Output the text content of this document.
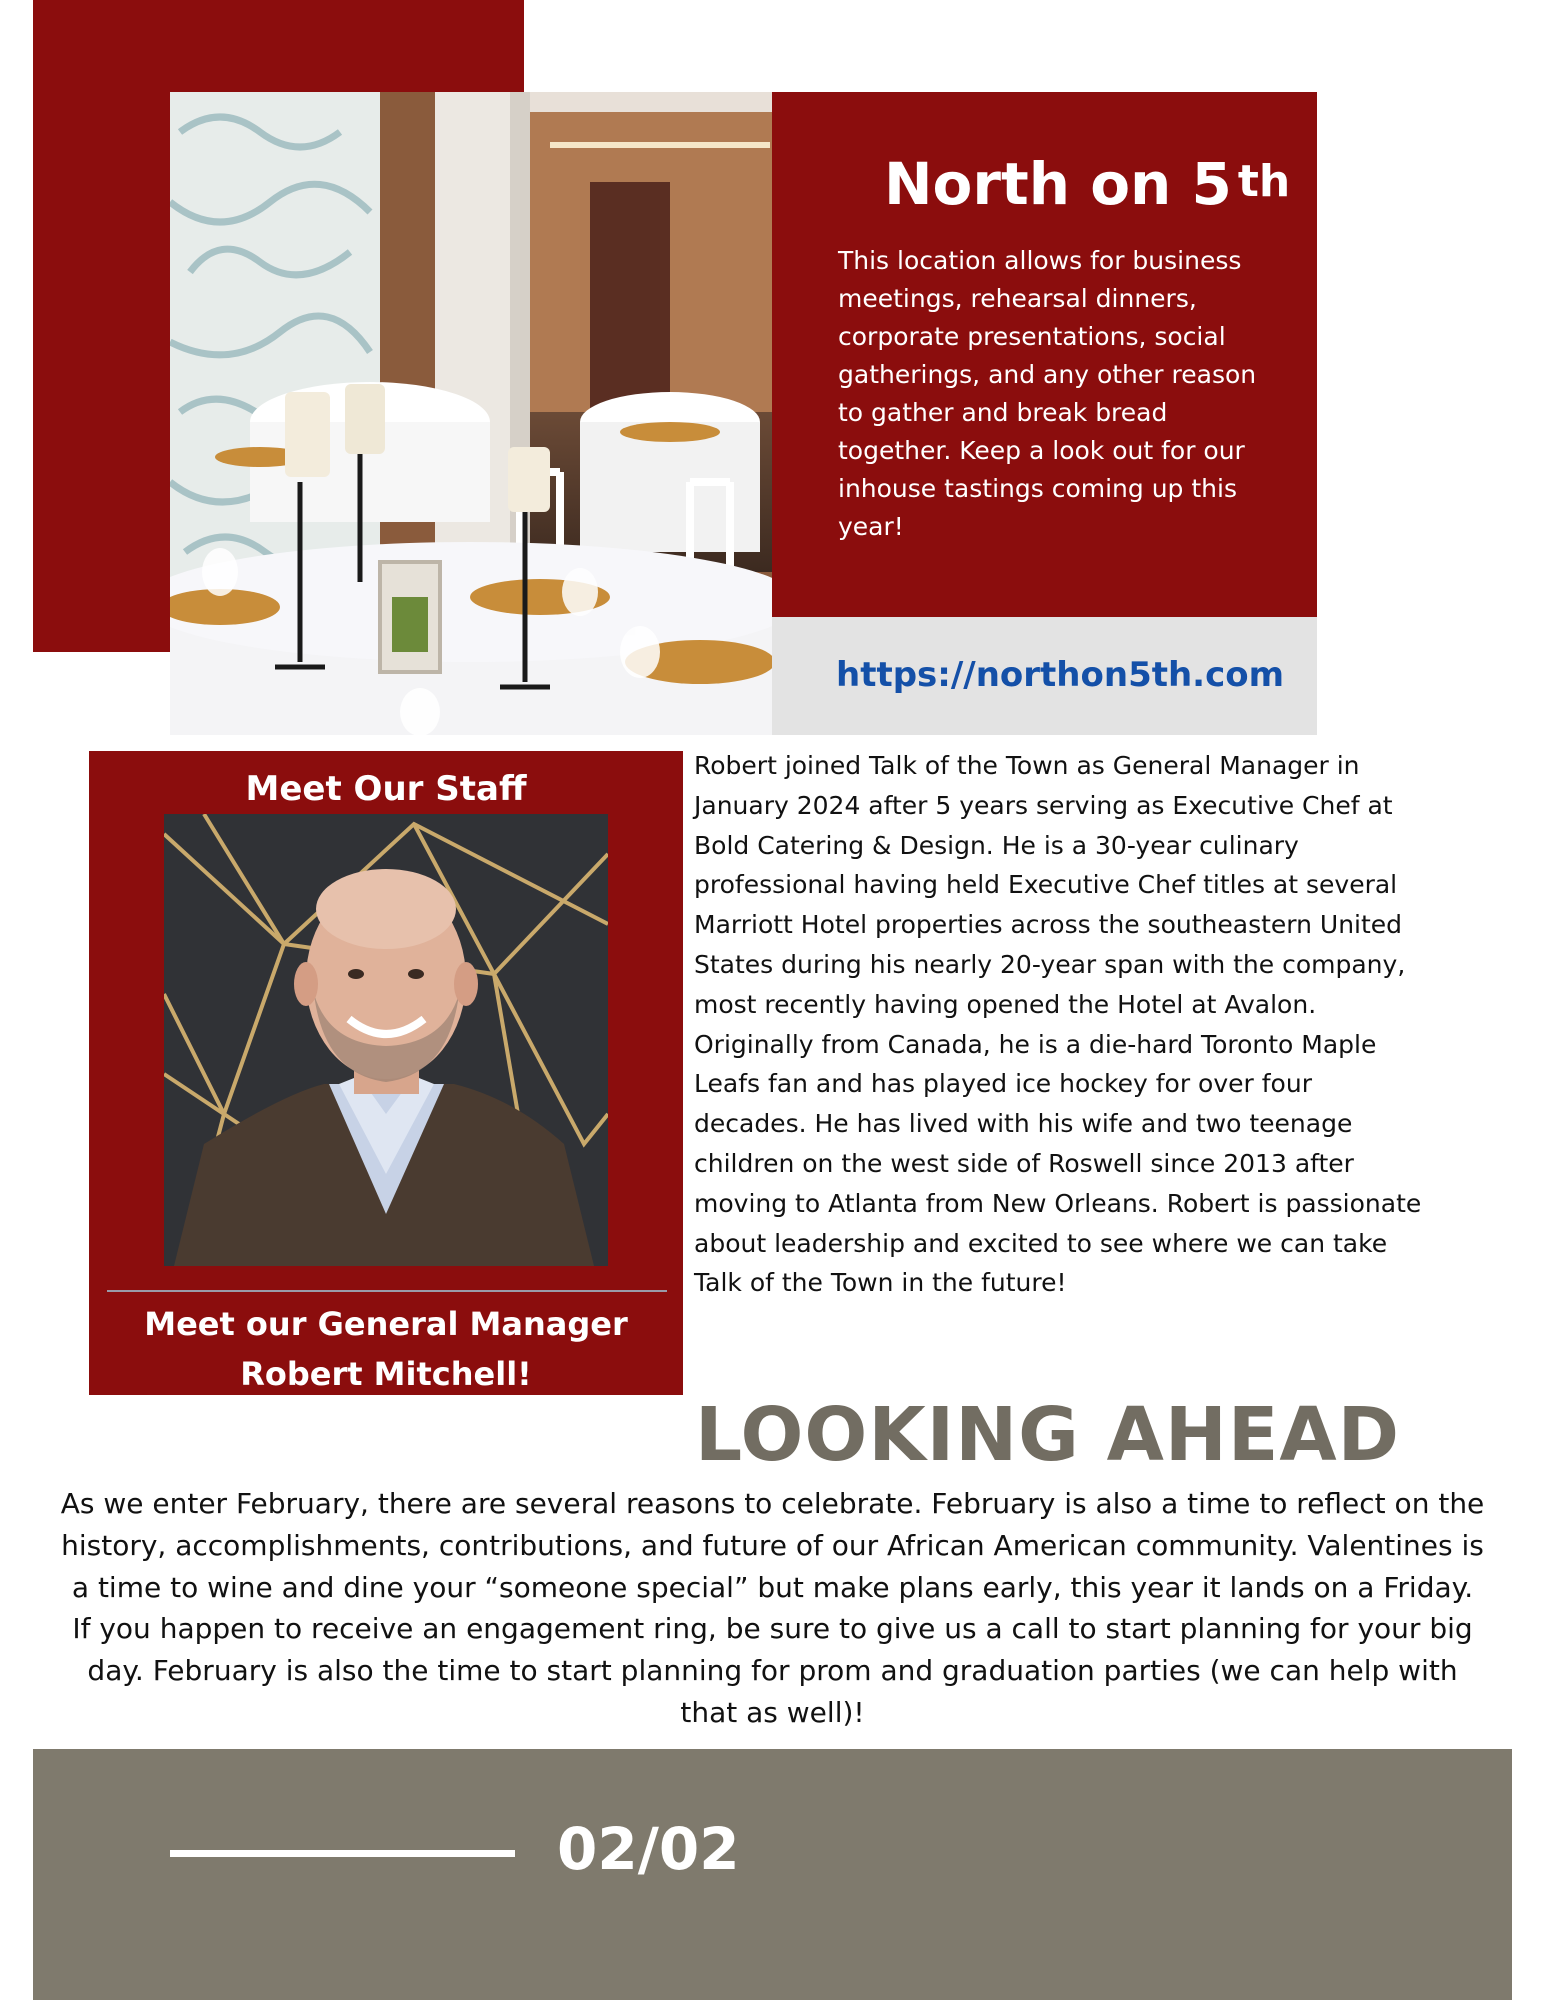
North on 5 $^{th}$
This location allows for business meetings, rehearsal dinners, corporate presentations, social gatherings, and any other reason to gather and break bread together. Keep a look out for our inhouse tastings coming up this year!
https://northon5th.com
Meet Our Staff
Meet our General Manager
Robert Mitchell!
Robert joined Talk of the Town as General Manager in January 2024 after 5 years serving as Executive Chef at Bold Catering & Design. He is a 30-year culinary professional having held Executive Chef titles at several Marriott Hotel properties across the southeastern United States during his nearly 20-year span with the company, most recently having opened the Hotel at Avalon. Originally from Canada, he is a die-hard Toronto Maple Leafs fan and has played ice hockey for over four decades. He has lived with his wife and two teenage children on the west side of Roswell since 2013 after moving to Atlanta from New Orleans. Robert is passionate about leadership and excited to see where we can take Talk of the Town in the future!
LOOKING AHEAD
As we enter February, there are several reasons to celebrate. February is also a time to reflect on the history, accomplishments, contributions, and future of our African American community. Valentines is a time to wine and dine your “someone special” but make plans early, this year it lands on a Friday. If you happen to receive an engagement ring, be sure to give us a call to start planning for your big day. February is also the time to start planning for prom and graduation parties (we can help with that as well)!
02/02
